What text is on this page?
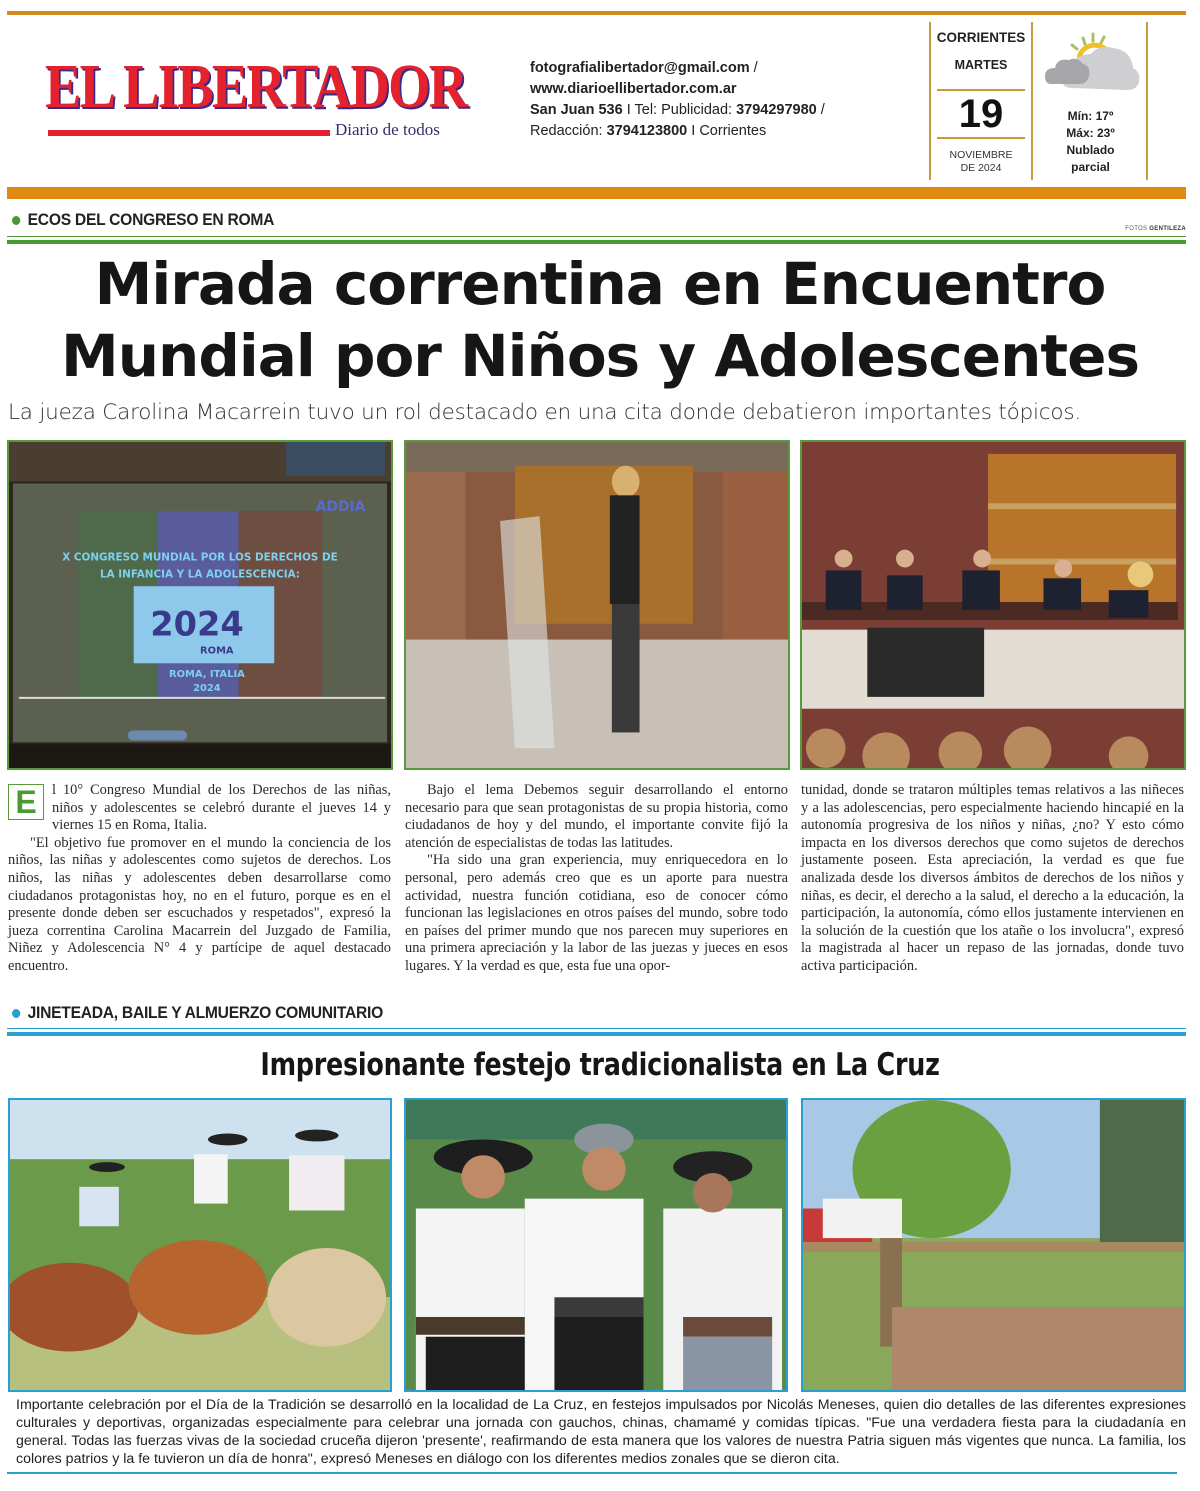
EL LIBERTADOR
Diario de todos
fotografialibertador@gmail.com /
www.diarioellibertador.com.ar
San Juan 536 I Tel: Publicidad: 3794297980 /
Redacción: 3794123800 I Corrientes
CORRIENTES
MARTES
19
NOVIEMBRE
DE 2024
Mín: 17º
Máx: 23º
Nublado
parcial
ECOS DEL CONGRESO EN ROMA	FOTOS GENTILEZA
Mirada correntina en Encuentro
Mundial por Niños y Adolescentes
La jueza Carolina Macarrein tuvo un rol destacado en una cita donde debatieron importantes tópicos.
X CONGRESO MUNDIAL POR LOS DERECHOS DE
LA INFANCIA Y LA ADOLESCENCIA:
2024
ROMA
ROMA, ITALIA
2024
ADDIA
E	l 10° Congreso Mundial de los Derechos de las niñas, niños y adolescentes se celebró durante el jueves 14 y viernes 15 en Roma, Italia.

"El objetivo fue promover en el mundo la conciencia de los niños, las niñas y adolescentes como sujetos de derechos. Los niños, las niñas y adolescentes deben desarrollarse como ciudadanos protagonistas hoy, no en el futuro, porque es en el presente donde deben ser escuchados y respetados", expresó la jueza correntina Carolina Macarrein del Juzgado de Familia, Niñez y Adolescencia N° 4 y partícipe de aquel destacado encuentro.

Bajo el lema Debemos seguir desarrollando el entorno necesario para que sean protagonistas de su propia historia, como ciudadanos de hoy y del mundo, el importante convite fijó la atención de especialistas de todas las latitudes.

"Ha sido una gran experiencia, muy enriquecedora en lo personal, pero además creo que es un aporte para nuestra actividad, nuestra función cotidiana, eso de conocer cómo funcionan las legislaciones en otros países del mundo, sobre todo en países del primer mundo que nos parecen muy superiores en una primera apreciación y la labor de las juezas y jueces en esos lugares. Y la verdad es que, esta fue una opor-

tunidad, donde se trataron múltiples temas relativos a las niñeces y a las adolescencias, pero especialmente haciendo hincapié en la autonomía progresiva de los niños y niñas, ¿no? Y esto cómo impacta en los diversos derechos que como sujetos de derechos justamente poseen. Esta apreciación, la verdad es que fue analizada desde los diversos ámbitos de derechos de los niños y niñas, es decir, el derecho a la salud, el derecho a la educación, la participación, la autonomía, cómo ellos justamente intervienen en la solución de la cuestión que los atañe o los involucra", expresó la magistrada al hacer un repaso de las jornadas, donde tuvo activa participación.

JINETEADA, BAILE Y ALMUERZO COMUNITARIO
Impresionante festejo tradicionalista en La Cruz

Importante celebración por el Día de la Tradición se desarrolló en la localidad de La Cruz, en festejos impulsados por Nicolás Meneses, quien dio detalles de las diferentes expresiones culturales y deportivas, organizadas especialmente para celebrar una jornada con gauchos, chinas, chamamé y comidas típicas. "Fue una verdadera fiesta para la ciudadanía en general. Todas las fuerzas vivas de la sociedad cruceña dijeron 'presente', reafirmando de esta manera que los valores de nuestra Patria siguen más vigentes que nunca. La familia, los colores patrios y la fe tuvieron un día de honra", expresó Meneses en diálogo con los diferentes medios zonales que se dieron cita.
